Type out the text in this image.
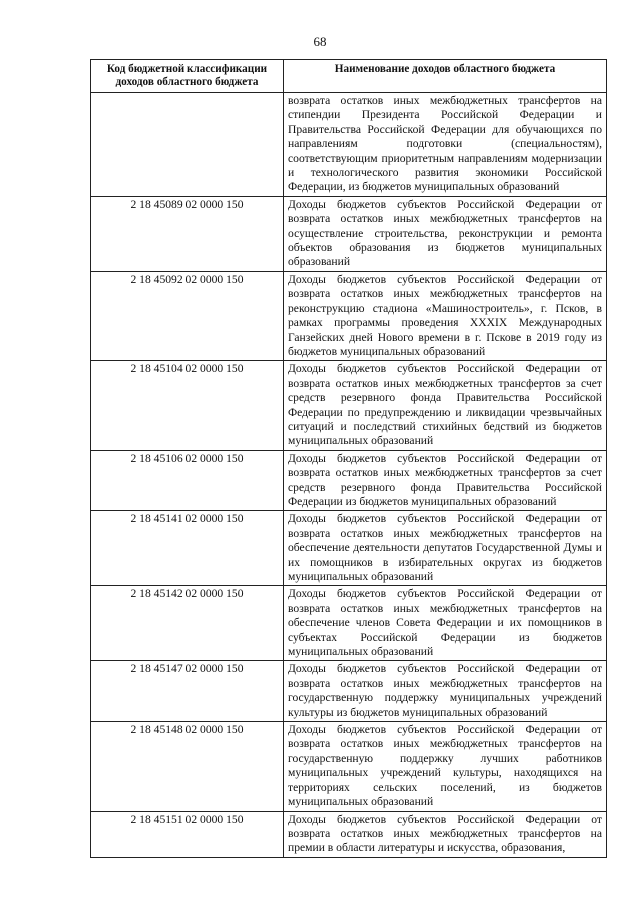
68
Код бюджетной классификации доходов областного бюджета	Наименование доходов областного бюджета
	возврата остатков иных межбюджетных трансфертов на стипендии Президента Российской Федерации и Правительства Российской Федерации для обучающихся по направлениям подготовки (специальностям), соответствующим приоритетным направлениям модернизации и технологического развития экономики Российской Федерации, из бюджетов муниципальных образований
2 18 45089 02 0000 150	Доходы бюджетов субъектов Российской Федерации от возврата остатков иных межбюджетных трансфертов на осуществление строительства, реконструкции и ремонта объектов образования из бюджетов муниципальных образований
2 18 45092 02 0000 150	Доходы бюджетов субъектов Российской Федерации от возврата остатков иных межбюджетных трансфертов на реконструкцию стадиона «Машиностроитель», г. Псков, в рамках программы проведения XXXIX Международных Ганзейских дней Нового времени в г. Пскове в 2019 году из бюджетов муниципальных образований
2 18 45104 02 0000 150	Доходы бюджетов субъектов Российской Федерации от возврата остатков иных межбюджетных трансфертов за счет средств резервного фонда Правительства Российской Федерации по предупреждению и ликвидации чрезвычайных ситуаций и последствий стихийных бедствий из бюджетов муниципальных образований
2 18 45106 02 0000 150	Доходы бюджетов субъектов Российской Федерации от возврата остатков иных межбюджетных трансфертов за счет средств резервного фонда Правительства Российской Федерации из бюджетов муниципальных образований
2 18 45141 02 0000 150	Доходы бюджетов субъектов Российской Федерации от возврата остатков иных межбюджетных трансфертов на обеспечение деятельности депутатов Государственной Думы и их помощников в избирательных округах из бюджетов муниципальных образований
2 18 45142 02 0000 150	Доходы бюджетов субъектов Российской Федерации от возврата остатков иных межбюджетных трансфертов на обеспечение членов Совета Федерации и их помощников в субъектах Российской Федерации из бюджетов муниципальных образований
2 18 45147 02 0000 150	Доходы бюджетов субъектов Российской Федерации от возврата остатков иных межбюджетных трансфертов на государственную поддержку муниципальных учреждений культуры из бюджетов муниципальных образований
2 18 45148 02 0000 150	Доходы бюджетов субъектов Российской Федерации от возврата остатков иных межбюджетных трансфертов на государственную поддержку лучших работников муниципальных учреждений культуры, находящихся на территориях сельских поселений, из бюджетов муниципальных образований
2 18 45151 02 0000 150	Доходы бюджетов субъектов Российской Федерации от возврата остатков иных межбюджетных трансфертов на премии в области литературы и искусства, образования,
